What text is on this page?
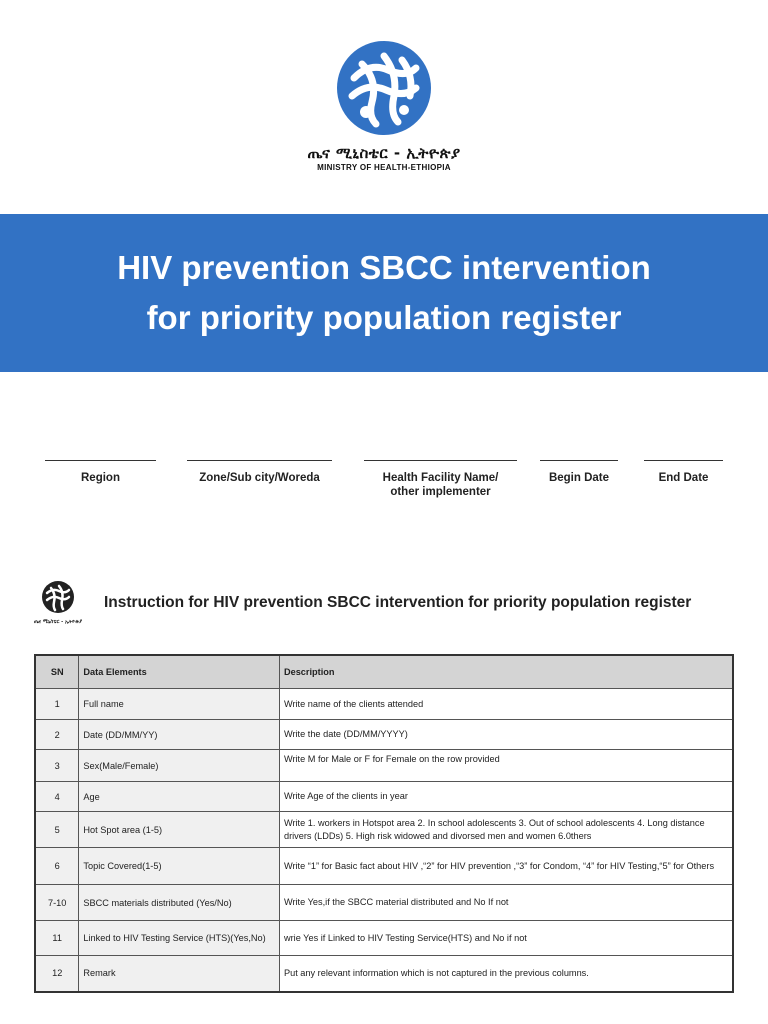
ጤና ሚኒስቴር - ኢትዮጵያ
MINISTRY OF HEALTH-ETHIOPIA
HIV prevention SBCC intervention
for priority population register
Region	Zone/Sub city/Woreda	Health Facility Name/
other implementer
Begin Date	End Date
ጤና ሚኒስቴር - ኢትዮጵያ
Instruction for HIV prevention SBCC intervention for priority population register
SN	Data Elements	Description
1	Full name	Write name of the clients attended
2	Date (DD/MM/YY)	Write the date (DD/MM/YYYY)
3	Sex(Male/Female)	Write M for Male or F for Female on the row provided
4	Age	Write Age of the clients in year
5	Hot Spot area (1-5)	Write 1. workers in Hotspot area 2. In school adolescents 3. Out of school adolescents 4. Long distance drivers (LDDs) 5. High risk widowed and divorsed men and women 6.0thers
6	Topic Covered(1-5)	Write “1” for Basic fact about HIV ,“2” for HIV prevention ,“3” for Condom, “4” for HIV Testing,“5” for Others
7-10	SBCC materials distributed (Yes/No)	Write Yes,if the SBCC material distributed and No If not
11	Linked to HIV Testing Service (HTS)(Yes,No)	wrie Yes if Linked to HIV Testing Service(HTS) and No if not
12	Remark	Put any relevant information which is not captured in the previous columns.
